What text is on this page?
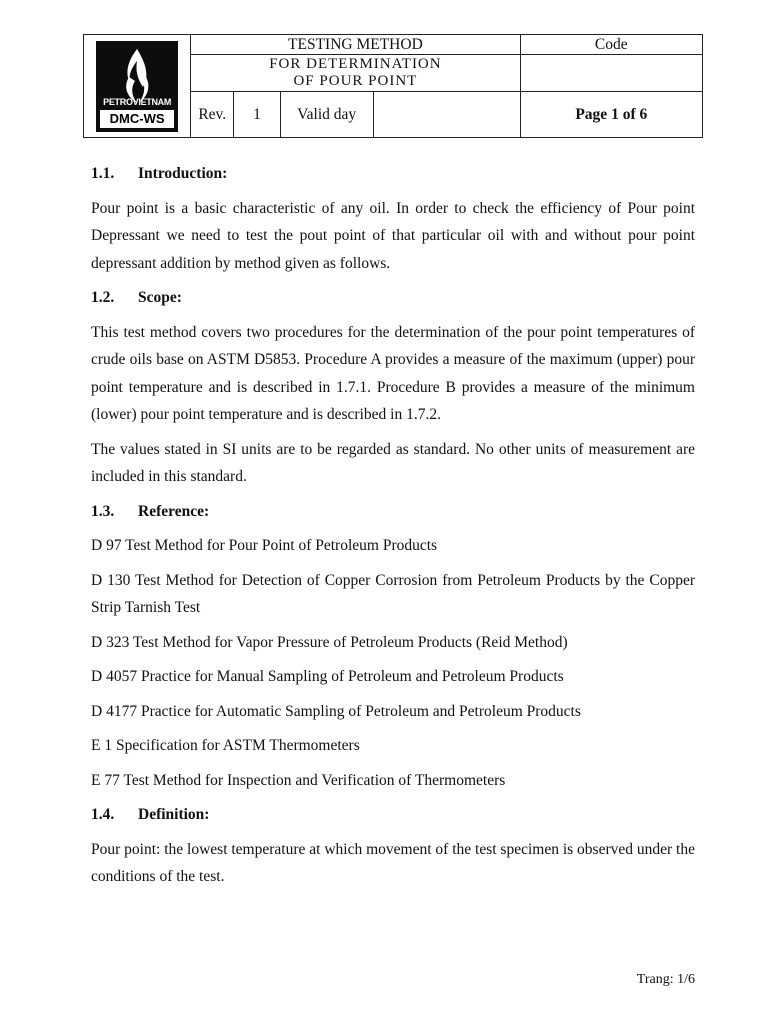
PETROVIETNAM
DMC-WS	TESTING METHOD				Code

	FOR DETERMINATION
OF POUR POINT				

	Rev.	1	Valid day		Page 1 of 6

1.1. Introduction:

Pour point is a basic characteristic of any oil. In order to check the efficiency of Pour point Depressant we need to test the pout point of that particular oil with and without pour point depressant addition by method given as follows.

1.2. Scope:

This test method covers two procedures for the determination of the pour point temperatures of crude oils base on ASTM D5853. Procedure A provides a measure of the maximum (upper) pour point temperature and is described in 1.7.1. Procedure B provides a measure of the minimum (lower) pour point temperature and is described in 1.7.2.

The values stated in SI units are to be regarded as standard. No other units of measurement are included in this standard.

1.3. Reference:

D 97 Test Method for Pour Point of Petroleum Products

D 130 Test Method for Detection of Copper Corrosion from Petroleum Products by the Copper Strip Tarnish Test

D 323 Test Method for Vapor Pressure of Petroleum Products (Reid Method)

D 4057 Practice for Manual Sampling of Petroleum and Petroleum Products

D 4177 Practice for Automatic Sampling of Petroleum and Petroleum Products

E 1 Specification for ASTM Thermometers

E 77 Test Method for Inspection and Verification of Thermometers

1.4. Definition:

Pour point: the lowest temperature at which movement of the test specimen is observed under the conditions of the test.

Trang: 1/6
